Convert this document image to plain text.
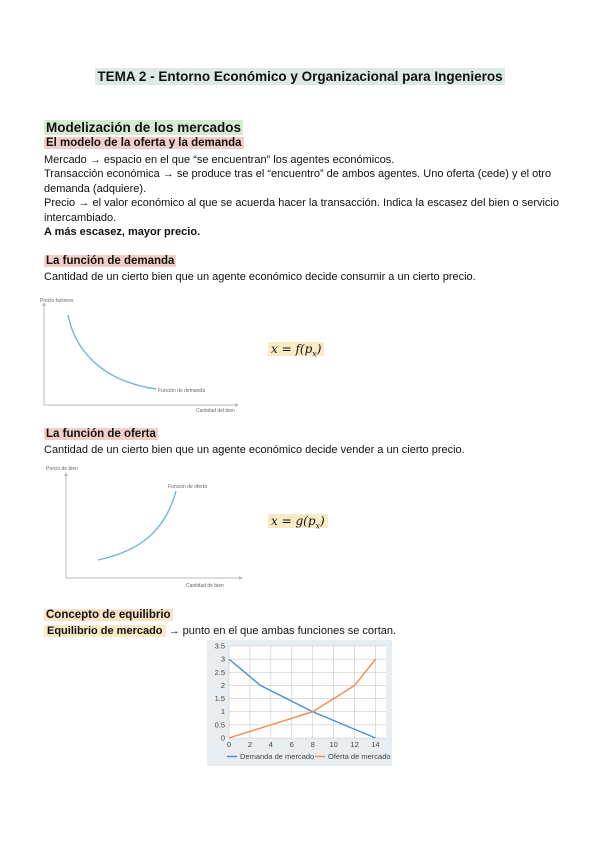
TEMA 2 - Entorno Económico y Organizacional para Ingenieros
Modelización de los mercados
El modelo de la oferta y la demanda
Mercado → espacio en el que “se encuentran” los agentes económicos.
Transacción económica → se produce tras el “encuentro” de ambos agentes. Uno oferta (cede) y el otro demanda (adquiere).
Precio → el valor económico al que se acuerda hacer la transacción. Indica la escasez del bien o servicio intercambiado.
A más escasez, mayor precio.
La función de demanda
Cantidad de un cierto bien que un agente económico decide consumir a un cierto precio.
Precio factores
Cantidad del bien
Función de demanda
$x = f(p_x)$
La función de oferta
Cantidad de un cierto bien que un agente económico decide vender a un cierto precio.
Precio de bien
Cantidad de bien
Función de oferta
$x = g(p_x)$
Concepto de equilibrio
Equilibrio de mercado → punto en el que ambas funciones se cortan.
0 2 4 6 8 10 12 14
0
0.5
1
1.5
2
2.5
3
3.5
Demanda de mercado Oferta de mercado
